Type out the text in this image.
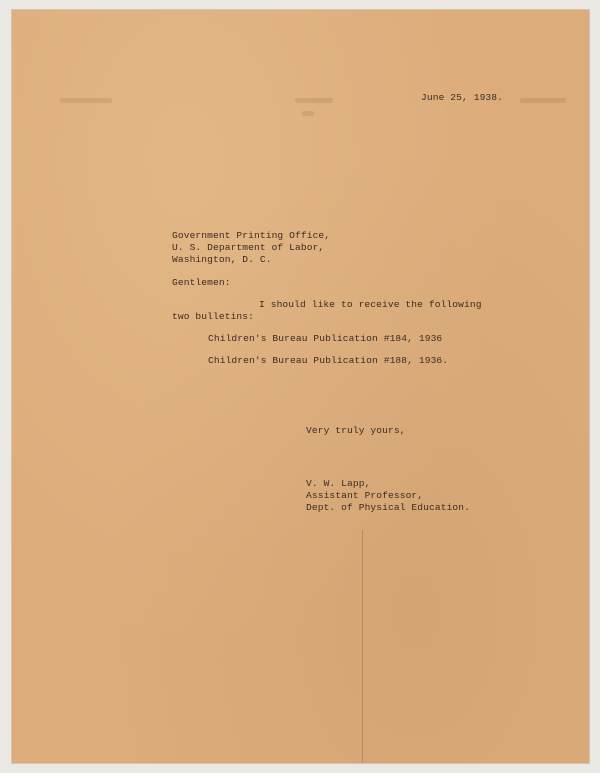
June 25, 1938.
Government Printing Office,
U. S. Department of Labor,
Washington, D. C.
Gentlemen:
I should like to receive the following
two bulletins:
Children's Bureau Publication #184, 1936
Children's Bureau Publication #188, 1936.
Very truly yours,
V. W. Lapp,
Assistant Professor,
Dept. of Physical Education.
